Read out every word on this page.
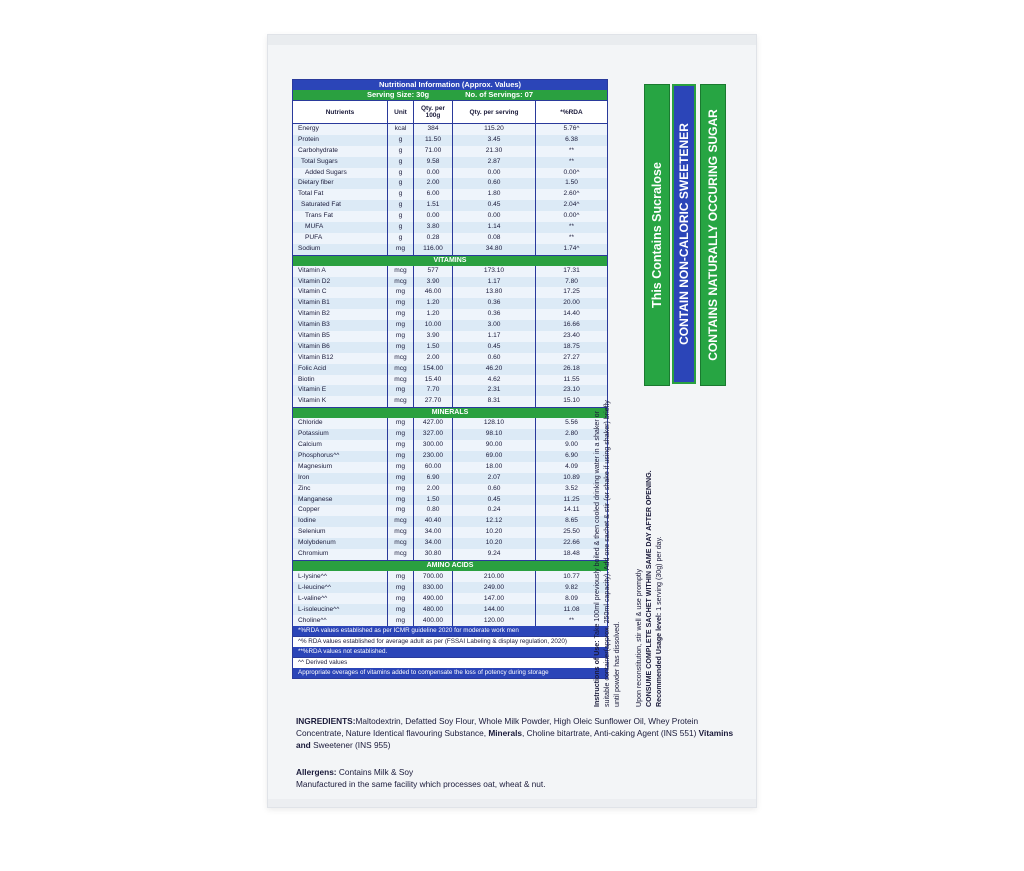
Nutritional Information (Approx. Values)
Serving Size: 30g	No. of Servings: 07
Nutrients	Unit	Qty. per 100g	Qty. per serving	*%RDA
Energy	kcal	384	115.20	5.76^
Protein	g	11.50	3.45	6.38
Carbohydrate	g	71.00	21.30	**
Total Sugars	g	9.58	2.87	**
Added Sugars	g	0.00	0.00	0.00^
Dietary fiber	g	2.00	0.60	1.50
Total Fat	g	6.00	1.80	2.60^
Saturated Fat	g	1.51	0.45	2.04^
Trans Fat	g	0.00	0.00	0.00^
MUFA	g	3.80	1.14	**
PUFA	g	0.28	0.08	**
Sodium	mg	116.00	34.80	1.74^
VITAMINS
Vitamin A	mcg	577	173.10	17.31
Vitamin D2	mcg	3.90	1.17	7.80
Vitamin C	mg	46.00	13.80	17.25
Vitamin B1	mg	1.20	0.36	20.00
Vitamin B2	mg	1.20	0.36	14.40
Vitamin B3	mg	10.00	3.00	16.66
Vitamin B5	mg	3.90	1.17	23.40
Vitamin B6	mg	1.50	0.45	18.75
Vitamin B12	mcg	2.00	0.60	27.27
Folic Acid	mcg	154.00	46.20	26.18
Biotin	mcg	15.40	4.62	11.55
Vitamin E	mg	7.70	2.31	23.10
Vitamin K	mcg	27.70	8.31	15.10
MINERALS
Chloride	mg	427.00	128.10	5.56
Potassium	mg	327.00	98.10	2.80
Calcium	mg	300.00	90.00	9.00
Phosphorus^^	mg	230.00	69.00	6.90
Magnesium	mg	60.00	18.00	4.09
Iron	mg	6.90	2.07	10.89
Zinc	mg	2.00	0.60	3.52
Manganese	mg	1.50	0.45	11.25
Copper	mg	0.80	0.24	14.11
Iodine	mcg	40.40	12.12	8.65
Selenium	mcg	34.00	10.20	25.50
Molybdenum	mcg	34.00	10.20	22.66
Chromium	mcg	30.80	9.24	18.48
AMINO ACIDS
L-lysine^^	mg	700.00	210.00	10.77
L-leucine^^	mg	830.00	249.00	9.82
L-valine^^	mg	490.00	147.00	8.09
L-isoleucine^^	mg	480.00	144.00	11.08
Choline^^	mg	400.00	120.00	**
*%RDA values established as per ICMR guideline 2020 for moderate work men
^% RDA values established for average adult as per (FSSAI Labeling & display regulation, 2020)
**%RDA values not established.
^^ Derived values
Appropriate overages of vitamins added to compensate the loss of potency during storage
INGREDIENTS:Maltodextrin, Defatted Soy Flour, Whole Milk Powder, High Oleic Sunflower Oil, Whey Protein Concentrate, Nature Identical flavouring Substance, Minerals, Choline bitartrate, Anti-caking Agent (INS 551) Vitamins and Sweetener (INS 955)
Allergens: Contains Milk & Soy
Manufactured in the same facility which processes oat, wheat & nut.
This Contains Sucralose CONTAIN NON-CALORIC SWEETENER CONTAINS NATURALLY OCCURING SUGAR

Instructions of Use: Take 100ml previously boiled & then cooled drinking water in a shaker or suitable container(approx. 250ml capacity). Add one sachet & stir (or shake if using shaker) briefly until powder has dissolved. Upon reconstitution, stir well & use promptly CONSUME COMPLETE SACHET WITHIN SAME DAY AFTER OPENING. Recommended Usage level: 1 serving (30g) per day.
